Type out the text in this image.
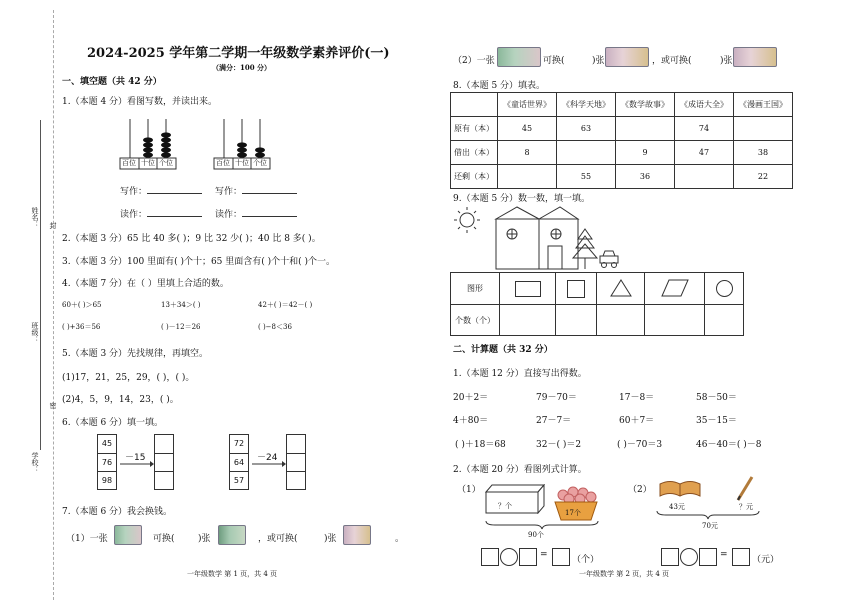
姓名：
班级：
学校：
封
密
2024-2025 学年第二学期一年级数学素养评价(一)
（满分：100 分）
一、填空题（共 42 分）
1.（本题 4 分）看图写数，并读出来。
百位 十位 个位	百位 十位 个位
写作：	写作：
读作：	读作：
2.（本题 3 分）65 比 40 多( )；9 比 32 少( )；40 比 8 多( )。
3.（本题 3 分）100 里面有( )个十；65 里面含有( )个十和( )个一。
4.（本题 7 分）在（ ）里填上合适的数。
60＋( )＞65	13＋34＞( )	42＋( )＝42－( )
( )+36＝56	( )－12＝26	( )−8＜36
5.（本题 3 分）先找规律，再填空。
(1)17，21，25，29，( )，( )。
(2)4，5，9，14，23，( )。
6.（本题 6 分）填一填。
45
76
98
－15
72
64
57
－24
7.（本题 6 分）我会换钱。
（1）一张	可换(	)张	，或可换(	)张	。
一年级数学 第 1 页，共 4 页
（2）一张	可换(	)张	，或可换(	)张
8.（本题 5 分）填表。
	《童话世界》	《科学天地》	《数学故事》	《成语大全》	《漫画王国》
原有（本）	45	63		74	
借出（本）	8		9	47	38
还剩（本）		55	36		22
9.（本题 5 分）数一数，填一填。
图形					
个数（个）					
二、计算题（共 32 分）
1.（本题 12 分）直接写出得数。
20＋2＝	79－70＝	17－8＝	58－50＝
4＋80＝	27－7＝	60＋7＝	35－15＝
( )＋18＝68	32－( )＝2	( )－70＝3	46－40＝( )－8
2.（本题 20 分）看图列式计算。
（1）
？个
17个
90个
（2）
43元	？元
70元
=	（个）	=	（元）
一年级数学 第 2 页，共 4 页
